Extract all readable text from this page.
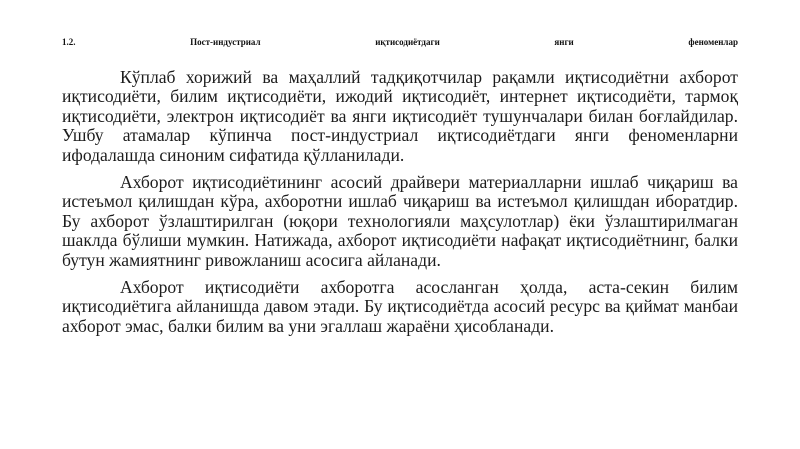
1.2.	Пост-индустриал	иқтисодиётдаги	янги	феноменлар

Кўплаб хорижий ва маҳаллий тадқиқотчилар рақамли иқтисодиётни ахборот иқтисодиёти, билим иқтисодиёти, ижодий иқтисодиёт, интернет иқтисодиёти, тармоқ иқтисодиёти, электрон иқтисодиёт ва янги иқтисодиёт тушунчалари билан боғлайдилар. Ушбу атамалар кўпинча пост-индустриал иқтисодиётдаги янги феноменларни ифодалашда синоним сифатида қўлланилади.

Ахборот иқтисодиётининг асосий драйвери материалларни ишлаб чиқариш ва истеъмол қилишдан кўра, ахборотни ишлаб чиқариш ва истеъмол қилишдан иборатдир. Бу ахборот ўзлаштирилган (юқори технологияли маҳсулотлар) ёки ўзлаштирилмаган шаклда бўлиши мумкин. Натижада, ахборот иқтисодиёти нафақат иқтисодиётнинг, балки бутун жамиятнинг ривожланиш асосига айланади.

Ахборот иқтисодиёти ахборотга асосланган ҳолда, аста-секин билим иқтисодиётига айланишда давом этади. Бу иқтисодиётда асосий ресурс ва қиймат манбаи ахборот эмас, балки билим ва уни эгаллаш жараёни ҳисобланади.
